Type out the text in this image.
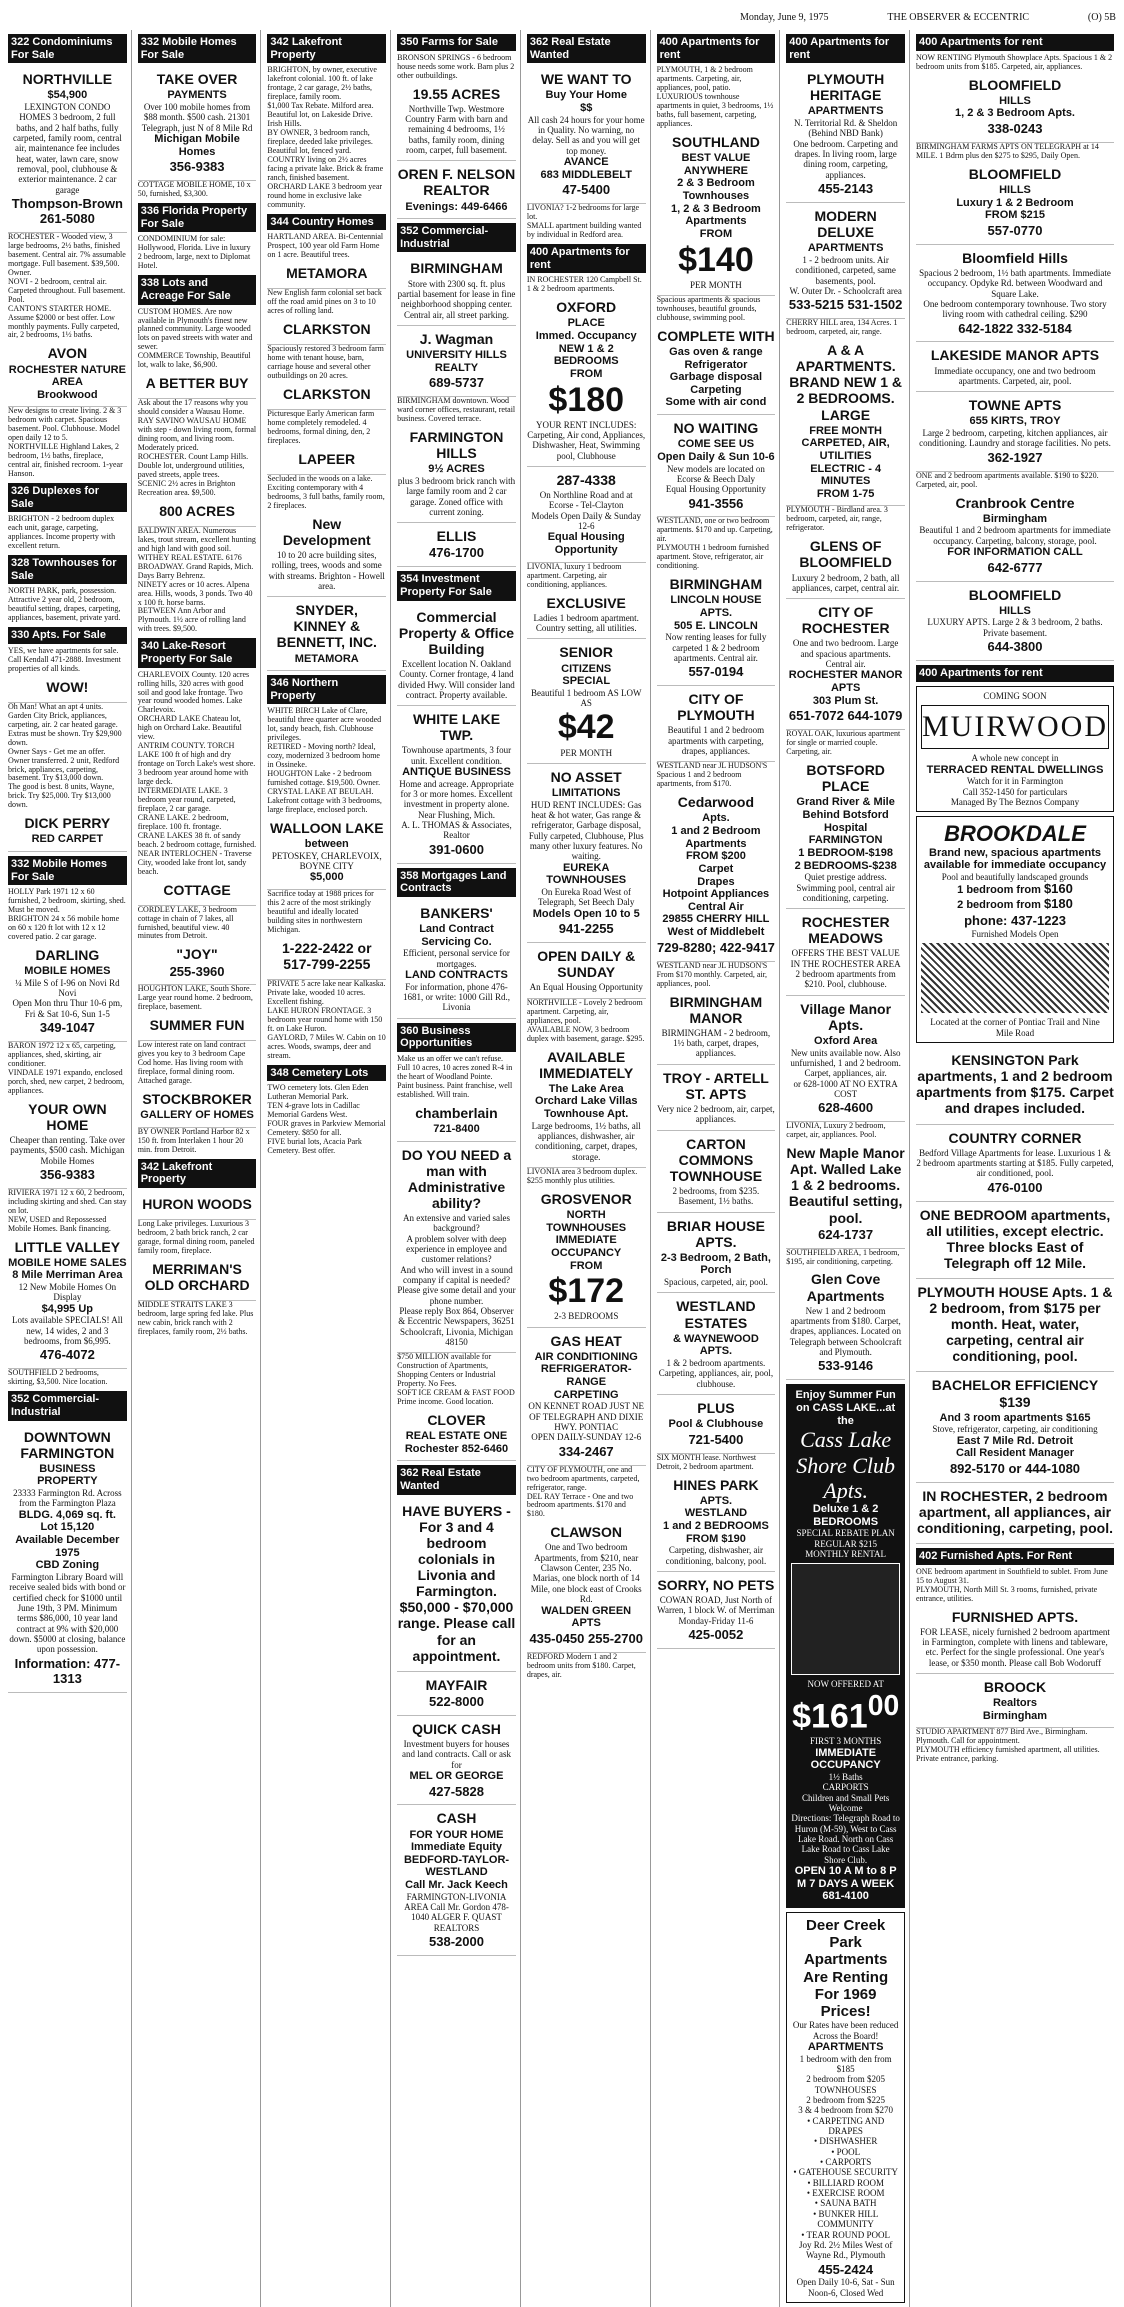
Monday, June 9, 1975	THE OBSERVER & ECCENTRIC	(O) 5B
322 Condominiums For Sale
NORTHVILLE
$54,900
LEXINGTON CONDO HOMES 3 bedroom, 2 full baths, and 2 half baths, fully carpeted, family room, central air, maintenance fee includes heat, water, lawn care, snow removal, pool, clubhouse & exterior maintenance. 2 car garage
Thompson-Brown 261-5080
ROCHESTER - Wooded view, 3 large bedrooms, 2½ baths, finished basement. Central air. 7% assumable mortgage. Full basement. $39,500. Owner.
NOVI - 2 bedroom, central air. Carpeted throughout. Full basement. Pool.
CANTON'S STARTER HOME. Assume $2000 or best offer. Low monthly payments. Fully carpeted, air, 2 bedrooms, 1½ baths.
AVON
ROCHESTER NATURE AREA
Brookwood
New designs to create living. 2 & 3 bedroom with carpet. Spacious basement. Pool. Clubhouse. Model open daily 12 to 5.
NORTHVILLE Highland Lakes, 2 bedroom, 1½ baths, fireplace, central air, finished recroom. 1-year Hanson.
326 Duplexes for Sale
BRIGHTON - 2 bedroom duplex each unit, garage, carpeting, appliances. Income property with excellent return.
328 Townhouses for Sale
NORTH PARK, park, possession. Attractive 2 year old, 2 bedroom, beautiful setting, drapes, carpeting, appliances, basement, private yard.
330 Apts. For Sale
YES, we have apartments for sale. Call Kendall 471-2888. Investment properties of all kinds.
WOW!
Oh Man! What an apt 4 units. Garden City Brick, appliances, carpeting, air. 2 car heated garage. Extras must be shown. Try $29,900 down.
Owner Says - Get me an offer. Owner transferred. 2 unit, Redford brick, appliances, carpeting, basement. Try $13,000 down.
The good is best. 8 units, Wayne, brick. Try $25,000. Try $13,000 down.
DICK PERRY
RED CARPET
332 Mobile Homes For Sale
HOLLY Park 1971 12 x 60 furnished, 2 bedroom, skirting, shed. Must be moved.
BRIGHTON 24 x 56 mobile home on 60 x 120 ft lot with 12 x 12 covered patio. 2 car garage.
DARLING
MOBILE HOMES
¼ Mile S of I-96 on Novi Rd Novi
Open Mon thru Thur 10-6 pm, Fri & Sat 10-6, Sun 1-5
349-1047
BARON 1972 12 x 65, carpeting, appliances, shed, skirting, air conditioner.
VINDALE 1971 expando, enclosed porch, shed, new carpet, 2 bedroom, appliances.
YOUR OWN HOME
Cheaper than renting. Take over payments, $500 cash. Michigan Mobile Homes
356-9383
RIVIERA 1971 12 x 60, 2 bedroom, including skirting and shed. Can stay on lot.
NEW, USED and Repossessed Mobile Homes. Bank financing.
LITTLE VALLEY
MOBILE HOME SALES
8 Mile Merriman Area
12 New Mobile Homes On Display
$4,995 Up
Lots available SPECIALS! All new, 14 wides, 2 and 3 bedrooms, from $6,995.
476-4072
SOUTHFIELD 2 bedrooms, skirting, $3,500. Nice location.
352 Commercial-Industrial
DOWNTOWN FARMINGTON
BUSINESS PROPERTY
23333 Farmington Rd. Across from the Farmington Plaza
BLDG. 4,069 sq. ft.
Lot 15,120
Available December 1975
CBD Zoning
Farmington Library Board will receive sealed bids with bond or certified check for $1000 until June 19th, 3 PM. Minimum terms $86,000, 10 year land contract at 9% with $20,000 down. $5000 at closing, balance upon possession.
Information: 477-1313
332 Mobile Homes For Sale
TAKE OVER
PAYMENTS
Over 100 mobile homes from $88 month. $500 cash. 21301 Telegraph, just N of 8 Mile Rd
Michigan Mobile Homes
356-9383
COTTAGE MOBILE HOME, 10 x 50, furnished, $3,300.
336 Florida Property For Sale
CONDOMINIUM for sale: Hollywood, Florida. Live in luxury 2 bedroom, large, next to Diplomat Hotel.
338 Lots and Acreage For Sale
CUSTOM HOMES. Are now available in Plymouth's finest new planned community. Large wooded lots on paved streets with water and sewer.
COMMERCE Township, Beautiful lot, walk to lake, $6,900.
A BETTER BUY
Ask about the 17 reasons why you should consider a Wausau Home. RAY SAVINO WAUSAU HOME with step - down living room, formal dining room, and living room. Moderately priced.
ROCHESTER. Count Lamp Hills. Double lot, underground utilities, paved streets, apple trees.
SCENIC 2½ acres in Brighton Recreation area. $9,500.
800 ACRES
BALDWIN AREA. Numerous lakes, trout stream, excellent hunting and high land with good soil.
WITHEY REAL ESTATE. 6176 BROADWAY. Grand Rapids, Mich. Days Barry Behrenz.
NINETY acres or 10 acres. Alpena area. Hills, woods, 3 ponds. Two 40 x 100 ft. horse barns.
BETWEEN Ann Arbor and Plymouth. 1½ acre of rolling land with trees. $9,500.
340 Lake-Resort Property For Sale
CHARLEVOIX County. 120 acres rolling hills, 320 acres with good soil and good lake frontage. Two year round wooded homes. Lake Charlevoix.
ORCHARD LAKE Chateau lot, high on Orchard Lake. Beautiful view.
ANTRIM COUNTY. TORCH LAKE 100 ft of high and dry frontage on Torch Lake's west shore. 3 bedroom year around home with large deck.
INTERMEDIATE LAKE. 3 bedroom year round, carpeted, fireplace, 2 car garage.
CRANE LAKE. 2 bedroom, fireplace. 100 ft. frontage.
CRANE LAKES 38 ft. of sandy beach. 2 bedroom cottage, furnished.
NEAR INTERLOCHEN - Traverse City, wooded lake front lot, sandy beach.
COTTAGE
CORDLEY LAKE, 3 bedroom cottage in chain of 7 lakes, all furnished, beautiful view. 40 minutes from Detroit.
"JOY"
255-3960
HOUGHTON LAKE, South Shore. Large year round home. 2 bedroom, fireplace, basement.
SUMMER FUN
Low interest rate on land contract gives you key to 3 bedroom Cape Cod home. Has living room with fireplace, formal dining room. Attached garage.
STOCKBROKER
GALLERY OF HOMES
BY OWNER Portland Harbor 82 x 150 ft. from Interlaken 1 hour 20 min. from Detroit.
342 Lakefront Property
HURON WOODS
Long Lake privileges. Luxurious 3 bedroom, 2 bath brick ranch, 2 car garage, formal dining room, paneled family room, fireplace.
MERRIMAN'S OLD ORCHARD
MIDDLE STRAITS LAKE 3 bedroom, large spring fed lake. Plus new cabin, brick ranch with 2 fireplaces, family room, 2½ baths.
342 Lakefront Property
BRIGHTON, by owner, executive lakefront colonial. 100 ft. of lake frontage, 2 car garage, 2½ baths, fireplace, family room.
$1,000 Tax Rebate. Milford area. Beautiful lot, on Lakeside Drive. Irish Hills.
BY OWNER, 3 bedroom ranch, fireplace, deeded lake privileges. Beautiful lot, fenced yard.
COUNTRY living on 2½ acres facing a private lake. Brick & frame ranch, finished basement.
ORCHARD LAKE 3 bedroom year round home in exclusive lake community.
344 Country Homes
HARTLAND AREA. Bi-Centennial Prospect, 100 year old Farm Home on 1 acre. Beautiful trees.
METAMORA
New English farm colonial set back off the road amid pines on 3 to 10 acres of rolling land.
CLARKSTON
Spaciously restored 3 bedroom farm home with tenant house, barn, carriage house and several other outbuildings on 20 acres.
CLARKSTON
Picturesque Early American farm home completely remodeled. 4 bedrooms, formal dining, den, 2 fireplaces.
LAPEER
Secluded in the woods on a lake. Exciting contemporary with 4 bedrooms, 3 full baths, family room, 2 fireplaces.
New Development
10 to 20 acre building sites, rolling, trees, woods and some with streams. Brighton - Howell area.
SNYDER, KINNEY & BENNETT, INC.
METAMORA
346 Northern Property
WHITE BIRCH Lake of Clare, beautiful three quarter acre wooded lot, sandy beach, fish. Clubhouse privileges.
RETIRED - Moving north? Ideal, cozy, modernized 3 bedroom home in Ossineke.
HOUGHTON Lake - 2 bedroom furnished cottage. $19,500. Owner.
CRYSTAL LAKE AT BEULAH. Lakefront cottage with 3 bedrooms, large fireplace, enclosed porch.
WALLOON LAKE
between
PETOSKEY, CHARLEVOIX, BOYNE CITY
$5,000
Sacrifice today at 1988 prices for this 2 acre of the most strikingly beautiful and ideally located building sites in northwestern Michigan.
1-222-2422 or 517-799-2255
PRIVATE 5 acre lake near Kalkaska. Private lake, wooded 10 acres. Excellent fishing.
LAKE HURON FRONTAGE. 3 bedroom year round home with 150 ft. on Lake Huron.
GAYLORD, 7 Miles W. Cabin on 10 acres. Woods, swamps, deer and stream.
348 Cemetery Lots
TWO cemetery lots. Glen Eden Lutheran Memorial Park.
TEN 4-grave lots in Cadillac Memorial Gardens West.
FOUR graves in Parkview Memorial Cemetery. $850 for all.
FIVE burial lots, Acacia Park Cemetery. Best offer.
350 Farms for Sale
BRONSON SPRINGS - 6 bedroom house needs some work. Barn plus 2 other outbuildings.
19.55 ACRES
Northville Twp. Westmore Country Farm with barn and remaining 4 bedrooms, 1½ baths, family room, dining room, carpet, full basement.
OREN F. NELSON REALTOR
Evenings: 449-6466
352 Commercial-Industrial
BIRMINGHAM
Store with 2300 sq. ft. plus partial basement for lease in fine neighborhood shopping center. Central air, all street parking.
J. Wagman
UNIVERSITY HILLS REALTY
689-5737
BIRMINGHAM downtown. Wood ward corner offices, restaurant, retail business. Covered terrace.
FARMINGTON HILLS
9½ ACRES
plus 3 bedroom brick ranch with large family room and 2 car garage. Zoned office with current zoning.
ELLIS
476-1700
354 Investment Property For Sale
Commercial Property & Office Building
Excellent location N. Oakland County. Corner frontage, 4 land divided Hwy. Will consider land contract. Property available.
WHITE LAKE TWP.
Townhouse apartments, 3 four unit. Excellent condition.
ANTIQUE BUSINESS
Home and acreage. Appropriate for 3 or more homes. Excellent investment in property alone. Near Flushing, Mich.
A. L. THOMAS & Associates, Realtor
391-0600
358 Mortgages Land Contracts
BANKERS'
Land Contract
Servicing Co.
Efficient, personal service for mortgages.
LAND CONTRACTS
For information, phone 476-1681, or write: 1000 Gill Rd., Livonia
360 Business Opportunities
Make us an offer we can't refuse. Full 10 acres, 10 acres zoned R-4 in the heart of Woodland Pointe.
Paint business. Paint franchise, well established. Will train.
chamberlain
721-8400
DO YOU NEED a man with Administrative ability?
An extensive and varied sales background?
A problem solver with deep experience in employee and customer relations?
And who will invest in a sound company if capital is needed?
Please give some detail and your phone number.
Please reply Box 864, Observer & Eccentric Newspapers, 36251 Schoolcraft, Livonia, Michigan 48150
$750 MILLION available for Construction of Apartments, Shopping Centers or Industrial Property. No Fees.
SOFT ICE CREAM & FAST FOOD Prime income. Good location.
CLOVER
REAL ESTATE ONE
Rochester 852-6460
362 Real Estate Wanted
HAVE BUYERS - For 3 and 4 bedroom colonials in Livonia and Farmington. $50,000 - $70,000 range. Please call for an appointment.
MAYFAIR
522-8000
QUICK CASH
Investment buyers for houses and land contracts. Call or ask for
MEL OR GEORGE
427-5828
CASH
FOR YOUR HOME
Immediate Equity
BEDFORD-TAYLOR-WESTLAND
Call Mr. Jack Keech
FARMINGTON-LIVONIA AREA Call Mr. Gordon 478-1040 ALGER F. QUAST REALTORS
538-2000
362 Real Estate Wanted
WE WANT TO
Buy Your Home
$$
All cash 24 hours for your home in Quality. No warning, no delay. Sell as and you will get top money.
AVANCE
683 MIDDLEBELT
47-5400
LIVONIA? 1-2 bedrooms for large lot.
SMALL apartment building wanted by individual in Redford area.
400 Apartments for rent
IN ROCHESTER 120 Campbell St. 1 & 2 bedroom apartments.
OXFORD
PLACE
Immed. Occupancy
NEW 1 & 2 BEDROOMS
FROM
$180
YOUR RENT INCLUDES: Carpeting, Air cond, Appliances, Dishwasher, Heat, Swimming pool, Clubhouse
287-4338
On Northline Road and at Ecorse - Tel-Clayton
Models Open Daily & Sunday 12-6
Equal Housing Opportunity
LIVONIA, luxury 1 bedroom apartment. Carpeting, air conditioning, appliances.
EXCLUSIVE
Ladies 1 bedroom apartment. Country setting, all utilities.
SENIOR
CITIZENS
SPECIAL
Beautiful 1 bedroom AS LOW AS
$42
PER MONTH
NO ASSET
LIMITATIONS
HUD RENT INCLUDES: Gas heat & hot water, Gas range & refrigerator, Garbage disposal, Fully carpeted, Clubhouse, Plus many other luxury features. No waiting.
EUREKA
TOWNHOUSES
On Eureka Road West of Telegraph, Set Beech Daly
Models Open 10 to 5
941-2255
OPEN DAILY & SUNDAY
An Equal Housing Opportunity
NORTHVILLE - Lovely 2 bedroom apartment. Carpeting, air, appliances, pool.
AVAILABLE NOW, 3 bedroom duplex with basement, garage. $295.
AVAILABLE IMMEDIATELY
The Lake Area
Orchard Lake Villas
Townhouse Apt.
Large bedrooms, 1½ baths, all appliances, dishwasher, air conditioning, carpet, drapes, storage.
LIVONIA area 3 bedroom duplex. $255 monthly plus utilities.
GROSVENOR
NORTH
TOWNHOUSES
IMMEDIATE OCCUPANCY
FROM
$172
2-3 BEDROOMS
GAS HEAT
AIR CONDITIONING
REFRIGERATOR-RANGE
CARPETING
ON KENNET ROAD JUST NE OF TELEGRAPH AND DIXIE HWY. PONTIAC
OPEN DAILY-SUNDAY 12-6
334-2467
CITY OF PLYMOUTH, one and two bedroom apartments, carpeted, refrigerator, range.
DEL RAY Terrace - One and two bedroom apartments. $170 and $180.
CLAWSON
One and Two bedroom Apartments, from $210, near Clawson Center, 235 No. Marias, one block north of 14 Mile, one block east of Crooks Rd.
WALDEN GREEN APTS
435-0450 255-2700
REDFORD Modern 1 and 2 bedroom units from $180. Carpet, drapes, air.
400 Apartments for rent
PLYMOUTH, 1 & 2 bedroom apartments. Carpeting, air, appliances, pool, patio.
LUXURIOUS townhouse apartments in quiet, 3 bedrooms, 1½ baths, full basement, carpeting, appliances.
SOUTHLAND
BEST VALUE ANYWHERE
2 & 3 Bedroom Townhouses
1, 2 & 3 Bedroom Apartments
FROM
$140
PER MONTH
Spacious apartments & spacious townhouses, beautiful grounds, clubhouse, swimming pool.
COMPLETE WITH
Gas oven & range
Refrigerator
Garbage disposal
Carpeting
Some with air cond
NO WAITING
COME SEE US
Open Daily & Sun 10-6
New models are located on Ecorse & Beech Daly
Equal Housing Opportunity
941-3556
WESTLAND, one or two bedroom apartments. $170 and up. Carpeting, air.
PLYMOUTH 1 bedroom furnished apartment. Stove, refrigerator, air conditioning.
BIRMINGHAM
LINCOLN HOUSE APTS.
505 E. LINCOLN
Now renting leases for fully carpeted 1 & 2 bedroom apartments. Central air.
557-0194
CITY OF PLYMOUTH
Beautiful 1 and 2 bedroom apartments with carpeting, drapes, appliances.
WESTLAND near JL HUDSON'S Spacious 1 and 2 bedroom apartments, from $170.
Cedarwood
Apts.
1 and 2 Bedroom Apartments
FROM $200
Carpet
Drapes
Hotpoint Appliances
Central Air
29855 CHERRY HILL
West of Middlebelt
729-8280; 422-9417
WESTLAND near JL HUDSON'S From $170 monthly. Carpeted, air, appliances, pool.
BIRMINGHAM MANOR
BIRMINGHAM - 2 bedroom, 1½ bath, carpet, drapes, appliances.
TROY - ARTELL ST. APTS
Very nice 2 bedroom, air, carpet, appliances.
CARTON COMMONS TOWNHOUSE
2 bedrooms, from $235. Basement, 1½ baths.
BRIAR HOUSE APTS.
2-3 Bedroom, 2 Bath, Porch
Spacious, carpeted, air, pool.
WESTLAND ESTATES
& WAYNEWOOD APTS.
1 & 2 bedroom apartments. Carpeting, appliances, air, pool, clubhouse.
PLUS
Pool & Clubhouse
721-5400
SIX MONTH lease. Northwest Detroit, 2 bedroom apartment.
HINES PARK
APTS.
WESTLAND
1 and 2 BEDROOMS
FROM $190
Carpeting, dishwasher, air conditioning, balcony, pool.
SORRY, NO PETS
COWAN ROAD, Just North of Warren, 1 block W. of Merriman
Monday-Friday 11-6
425-0052
400 Apartments for rent
PLYMOUTH HERITAGE
APARTMENTS
N. Territorial Rd. & Sheldon (Behind NBD Bank)
One bedroom. Carpeting and drapes. In living room, large dining room, carpeting, appliances.
455-2143
MODERN DELUXE
APARTMENTS
1 - 2 bedroom units. Air conditioned, carpeted, same basements, pool.
W. Outer Dr. - Schoolcraft area
533-5215 531-1502
CHERRY HILL area, 134 Acres. 1 bedroom, carpeted, air, range.
A & A APARTMENTS. BRAND NEW 1 & 2 BEDROOMS. LARGE
FREE MONTH
CARPETED, AIR, UTILITIES
ELECTRIC - 4 MINUTES
FROM 1-75
PLYMOUTH - Birdland area. 3 bedroom, carpeted, air, range, refrigerator.
GLENS OF BLOOMFIELD
Luxury 2 bedroom, 2 bath, all appliances, carpet, central air.
CITY OF ROCHESTER
One and two bedroom. Large and spacious apartments. Central air.
ROCHESTER MANOR APTS
303 Plum St.
651-7072 644-1079
ROYAL OAK, luxurious apartment for single or married couple. Carpeting, air.
BOTSFORD PLACE
Grand River & Mile
Behind Botsford Hospital
FARMINGTON
1 BEDROOM-$198
2 BEDROOMS-$238
Quiet prestige address. Swimming pool, central air conditioning, carpeting.
ROCHESTER MEADOWS
OFFERS THE BEST VALUE IN THE ROCHESTER AREA
2 bedroom apartments from $210. Pool, clubhouse.
Village Manor Apts.
Oxford Area
New units available now. Also unfurnished, 1 and 2 bedroom. Carpet, appliances, air.
or 628-1000 AT NO EXTRA COST
628-4600
LIVONIA, Luxury 2 bedroom, carpet, air, appliances. Pool.
New Maple Manor Apt. Walled Lake 1 & 2 bedrooms. Beautiful setting, pool.
624-1737
SOUTHFIELD AREA, 1 bedroom, $195, air conditioning, carpeting.
Glen Cove Apartments
New 1 and 2 bedroom apartments from $180. Carpet, drapes, appliances. Located on Telegraph between Schoolcraft and Plymouth.
533-9146
Enjoy Summer Fun on CASS LAKE...at the
Cass Lake Shore Club Apts.
Deluxe 1 & 2 BEDROOMS
SPECIAL REBATE PLAN
REGULAR $215 MONTHLY RENTAL
NOW OFFERED AT
$\$161^{00}$
FIRST 3 MONTHS
IMMEDIATE OCCUPANCY
1½ Baths
CARPORTS
Children and Small Pets Welcome
Directions: Telegraph Road to Huron (M-59), West to Cass Lake Road. North on Cass Lake Road to Cass Lake Shore Club.
OPEN 10 A M to 8 P M 7 DAYS A WEEK 681-4100
Deer Creek Park Apartments
Are Renting For 1969 Prices!
Our Rates have been reduced Across the Board!
APARTMENTS
1 bedroom with den from $185
2 bedroom from $205
TOWNHOUSES
2 bedroom from $225
3 & 4 bedroom from $270
• CARPETING AND DRAPES
• DISHWASHER
• POOL
• CARPORTS
• GATEHOUSE SECURITY
• BILLIARD ROOM
• EXERCISE ROOM
• SAUNA BATH
• BUNKER HILL COMMUNITY
• TEAR ROUND POOL
Joy Rd. 2½ Miles West of Wayne Rd., Plymouth
455-2424
Open Daily 10-6, Sat - Sun Noon-6, Closed Wed
400 Apartments for rent
NOW RENTING Plymouth Showplace Apts. Spacious 1 & 2 bedroom units from $185. Carpeted, air, appliances.
BLOOMFIELD
HILLS
1, 2 & 3 Bedroom Apts.
338-0243
BIRMINGHAM FARMS APTS ON TELEGRAPH at 14 MILE. 1 Bdrm plus den $275 to $295, Daily Open.
BLOOMFIELD
HILLS
Luxury 1 & 2 Bedroom
FROM $215
557-0770
Bloomfield Hills
Spacious 2 bedroom, 1½ bath apartments. Immediate occupancy. Opdyke Rd. between Woodward and Square Lake.
One bedroom contemporary townhouse. Two story living room with cathedral ceiling. $290
642-1822 332-5184
LAKESIDE MANOR APTS
Immediate occupancy, one and two bedroom apartments. Carpeted, air, pool.
TOWNE APTS
655 KIRTS, TROY
Large 2 bedroom, carpeting, kitchen appliances, air conditioning. Laundry and storage facilities. No pets.
362-1927
ONE and 2 bedroom apartments available. $190 to $220. Carpeted, air, pool.
Cranbrook Centre
Birmingham
Beautiful 1 and 2 bedroom apartments for immediate occupancy. Carpeting, balcony, storage, pool.
FOR INFORMATION CALL
642-6777
BLOOMFIELD
HILLS
LUXURY APTS. Large 2 & 3 bedroom, 2 baths. Private basement.
644-3800
400 Apartments for rent
COMING SOON
MUIRWOOD
A whole new concept in
TERRACED RENTAL DWELLINGS
Watch for it in Farmington
Call 352-1450 for particulars
Managed By The Beznos Company
BROOKDALE
Brand new, spacious apartments
available for immediate occupancy
Pool and beautifully landscaped grounds
1 bedroom from $160
2 bedroom from $180
phone: 437-1223
Furnished Models Open
Located at the corner of Pontiac Trail and Nine Mile Road
KENSINGTON Park apartments, 1 and 2 bedroom apartments from $175. Carpet and drapes included.
COUNTRY CORNER
Bedford Village Apartments for lease. Luxurious 1 & 2 bedroom apartments starting at $185. Fully carpeted, air conditioned, pool.
476-0100
ONE BEDROOM apartments, all utilities, except electric. Three blocks East of Telegraph off 12 Mile.
PLYMOUTH HOUSE Apts. 1 & 2 bedroom, from $175 per month. Heat, water, carpeting, central air conditioning, pool.
BACHELOR EFFICIENCY $139
And 3 room apartments $165
Stove, refrigerator, carpeting, air conditioning
East 7 Mile Rd. Detroit
Call Resident Manager
892-5170 or 444-1080
IN ROCHESTER, 2 bedroom apartment, all appliances, air conditioning, carpeting, pool.
402 Furnished Apts. For Rent
ONE bedroom apartment in Southfield to sublet. From June 15 to August 31.
PLYMOUTH, North Mill St. 3 rooms, furnished, private entrance, utilities.
FURNISHED APTS.
FOR LEASE, nicely furnished 2 bedroom apartment in Farmington, complete with linens and tableware, etc. Perfect for the single professional. One year's lease, or $350 month. Please call Bob Wodoruff
BROOCK
Realtors
Birmingham
STUDIO APARTMENT 877 Bird Ave., Birmingham. Plymouth. Call for appointment.
PLYMOUTH efficiency furnished apartment, all utilities. Private entrance, parking.
